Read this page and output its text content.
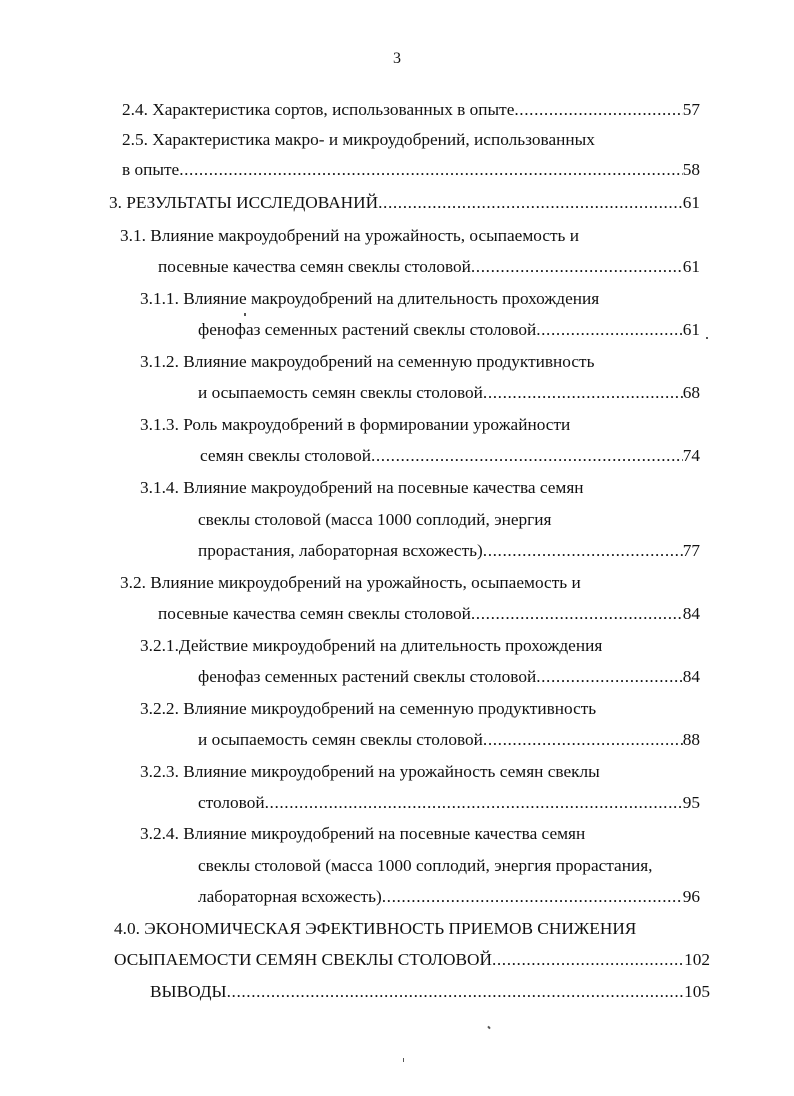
3
2.4. Характеристика сортов, использованных в опыте .....	57
2.5. Характеристика макро- и микроудобрений, использованных
в опыте .....	58
3. РЕЗУЛЬТАТЫ ИССЛЕДОВАНИЙ .....	61
3.1. Влияние макроудобрений на урожайность, осыпаемость и
посевные качества семян свеклы столовой .....	61
3.1.1. Влияние макроудобрений на длительность прохождения
фенофаз семенных растений свеклы столовой .....	61
3.1.2. Влияние макроудобрений на семенную продуктивность
и осыпаемость семян свеклы столовой .....	68
3.1.3. Роль макроудобрений в формировании урожайности
семян свеклы столовой .....	74
3.1.4. Влияние макроудобрений на посевные качества семян
свеклы столовой (масса 1000 соплодий, энергия
прорастания, лабораторная всхожесть) .....	77
3.2. Влияние микроудобрений на урожайность, осыпаемость и
посевные качества семян свеклы столовой .....	84
3.2.1.Действие микроудобрений на длительность прохождения
фенофаз семенных растений свеклы столовой .....	84
3.2.2. Влияние микроудобрений на семенную продуктивность
и осыпаемость семян свеклы столовой .....	88
3.2.3. Влияние микроудобрений на урожайность семян свеклы
столовой .....	95
3.2.4. Влияние микроудобрений на посевные качества семян
свеклы столовой (масса 1000 соплодий, энергия прорастания,
лабораторная всхожесть) .....	96
4.0. ЭКОНОМИЧЕСКАЯ ЭФЕКТИВНОСТЬ ПРИЕМОВ СНИЖЕНИЯ
ОСЫПАЕМОСТИ СЕМЯН СВЕКЛЫ СТОЛОВОЙ .....	102
ВЫВОДЫ .....	105
